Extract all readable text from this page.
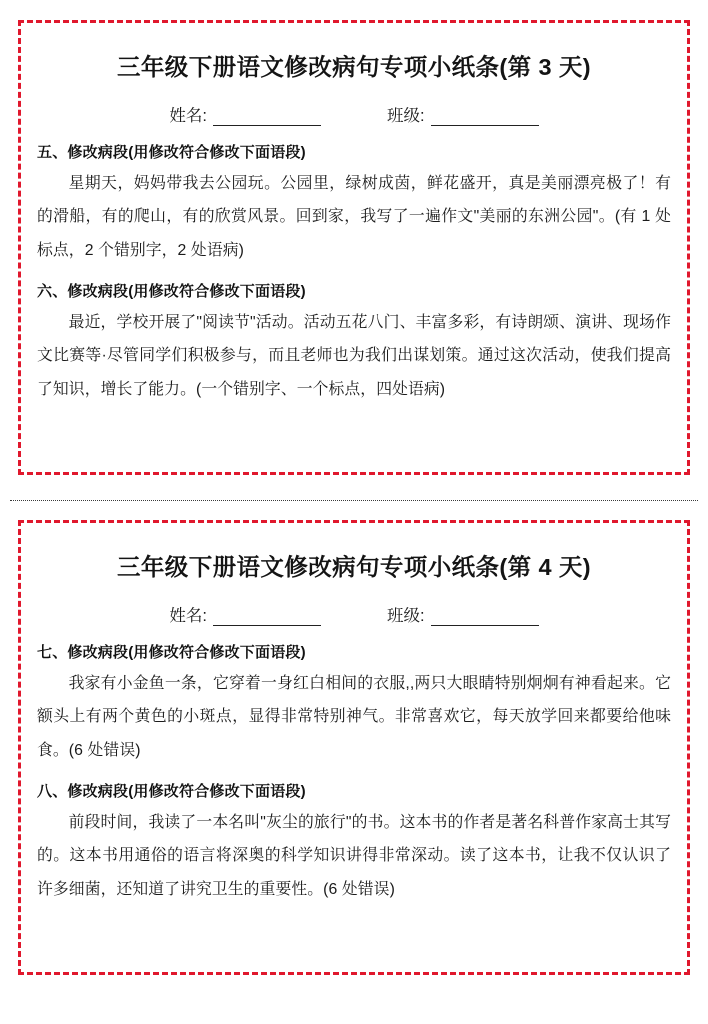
三年级下册语文修改病句专项小纸条(第 3 天)
姓名:	班级:

五、修改病段(用修改符合修改下面语段)

星期天，妈妈带我去公园玩。公园里，绿树成茵，鲜花盛开，真是美丽漂亮极了！有的滑船，有的爬山，有的欣赏风景。回到家，我写了一遍作文"美丽的东洲公园"。(有 1 处标点，2 个错别字，2 处语病)

六、修改病段(用修改符合修改下面语段)

最近，学校开展了"阅读节"活动。活动五花八门、丰富多彩，有诗朗颂、演讲、现场作文比赛等·尽管同学们积极参与，而且老师也为我们出谋划策。通过这次活动，使我们提高了知识，增长了能力。(一个错别字、一个标点，四处语病)

三年级下册语文修改病句专项小纸条(第 4 天)
姓名:	班级:

七、修改病段(用修改符合修改下面语段)

我家有小金鱼一条，它穿着一身红白相间的衣服,,两只大眼睛特别炯炯有神看起来。它额头上有两个黄色的小斑点，显得非常特别神气。非常喜欢它，每天放学回来都要给他味食。(6 处错误)

八、修改病段(用修改符合修改下面语段)

前段时间，我读了一本名叫"灰尘的旅行"的书。这本书的作者是著名科普作家高士其写的。这本书用通俗的语言将深奥的科学知识讲得非常深动。读了这本书，让我不仅认识了许多细菌，还知道了讲究卫生的重要性。(6 处错误)
